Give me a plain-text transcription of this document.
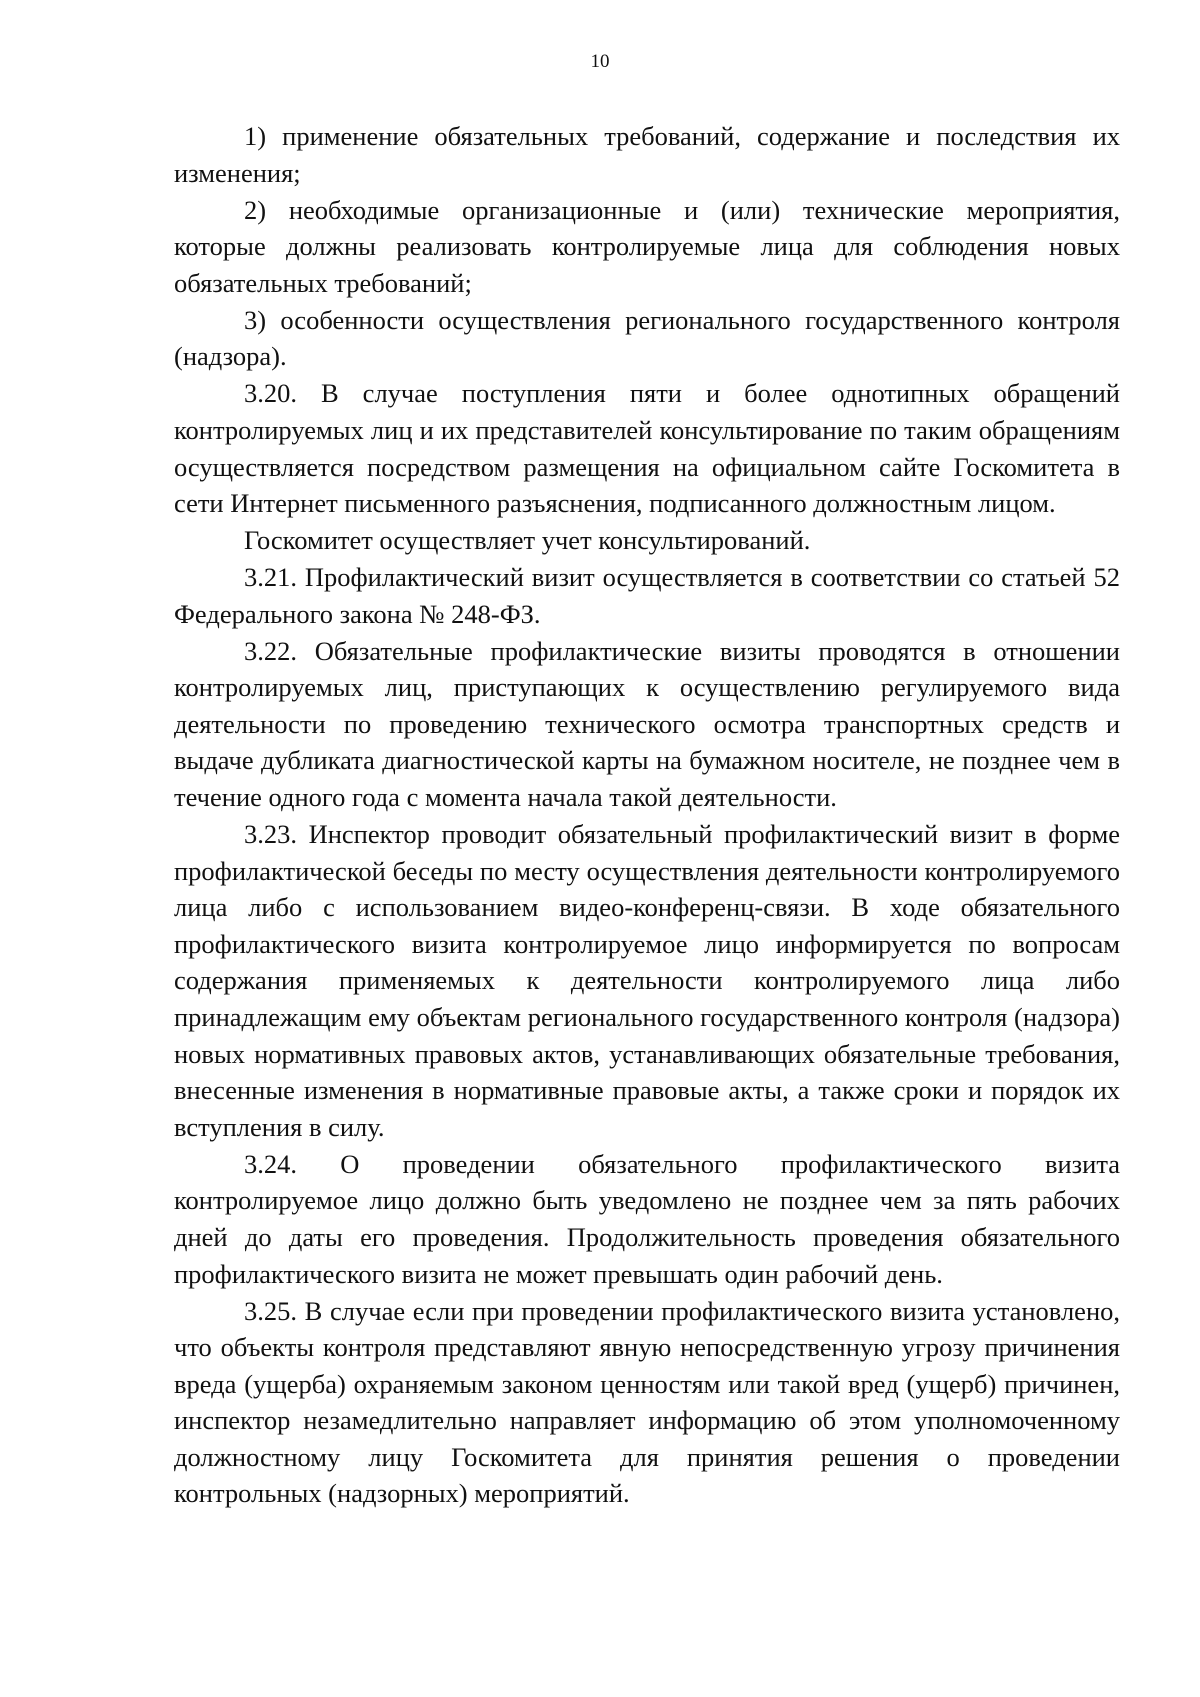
10

1) применение обязательных требований, содержание и последствия их изменения;

2) необходимые организационные и (или) технические мероприятия, которые должны реализовать контролируемые лица для соблюдения новых обязательных требований;

3) особенности осуществления регионального государственного контроля (надзора).

3.20. В случае поступления пяти и более однотипных обращений контролируемых лиц и их представителей консультирование по таким обращениям осуществляется посредством размещения на официальном сайте Госкомитета в сети Интернет письменного разъяснения, подписанного должностным лицом.

Госкомитет осуществляет учет консультирований.

3.21. Профилактический визит осуществляется в соответствии со статьей 52 Федерального закона № 248-ФЗ.

3.22. Обязательные профилактические визиты проводятся в отношении контролируемых лиц, приступающих к осуществлению регулируемого вида деятельности по проведению технического осмотра транспортных средств и выдаче дубликата диагностической карты на бумажном носителе, не позднее чем в течение одного года с момента начала такой деятельности.

3.23. Инспектор проводит обязательный профилактический визит в форме профилактической беседы по месту осуществления деятельности контролируемого лица либо с использованием видео-конференц-связи. В ходе обязательного профилактического визита контролируемое лицо информируется по вопросам содержания применяемых к деятельности контролируемого лица либо принадлежащим ему объектам регионального государственного контроля (надзора) новых нормативных правовых актов, устанавливающих обязательные требования, внесенные изменения в нормативные правовые акты, а также сроки и порядок их вступления в силу.

3.24. О проведении обязательного профилактического визита контролируемое лицо должно быть уведомлено не позднее чем за пять рабочих дней до даты его проведения. Продолжительность проведения обязательного профилактического визита не может превышать один рабочий день.

3.25. В случае если при проведении профилактического визита установлено, что объекты контроля представляют явную непосредственную угрозу причинения вреда (ущерба) охраняемым законом ценностям или такой вред (ущерб) причинен, инспектор незамедлительно направляет информацию об этом уполномоченному должностному лицу Госкомитета для принятия решения о проведении контрольных (надзорных) мероприятий.
